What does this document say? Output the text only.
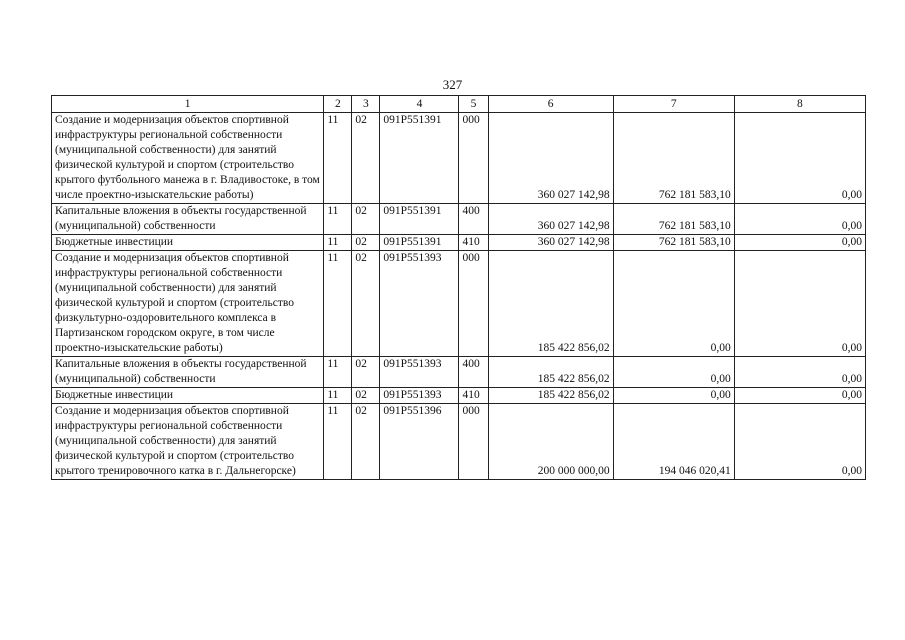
327
1	2	3	4	5	6	7	8
Создание и модернизация объектов спортивной инфраструктуры региональной собственности (муниципальной собственности) для занятий физической культурой и спортом (строительство крытого футбольного манежа в г. Владивостоке, в том числе проектно-изыскательские работы)	11	02	091P551391	000	360 027 142,98	762 181 583,10	0,00
Капитальные вложения в объекты государственной (муниципальной) собственности	11	02	091P551391	400	360 027 142,98	762 181 583,10	0,00
Бюджетные инвестиции	11	02	091P551391	410	360 027 142,98	762 181 583,10	0,00
Создание и модернизация объектов спортивной инфраструктуры региональной собственности (муниципальной собственности) для занятий физической культурой и спортом (строительство физкультурно-оздоровительного комплекса в Партизанском городском округе, в том числе проектно-изыскательские работы)	11	02	091P551393	000	185 422 856,02	0,00	0,00
Капитальные вложения в объекты государственной (муниципальной) собственности	11	02	091P551393	400	185 422 856,02	0,00	0,00
Бюджетные инвестиции	11	02	091P551393	410	185 422 856,02	0,00	0,00
Создание и модернизация объектов спортивной инфраструктуры региональной собственности (муниципальной собственности) для занятий физической культурой и спортом (строительство крытого тренировочного катка в г. Дальнегорске)	11	02	091P551396	000	200 000 000,00	194 046 020,41	0,00
